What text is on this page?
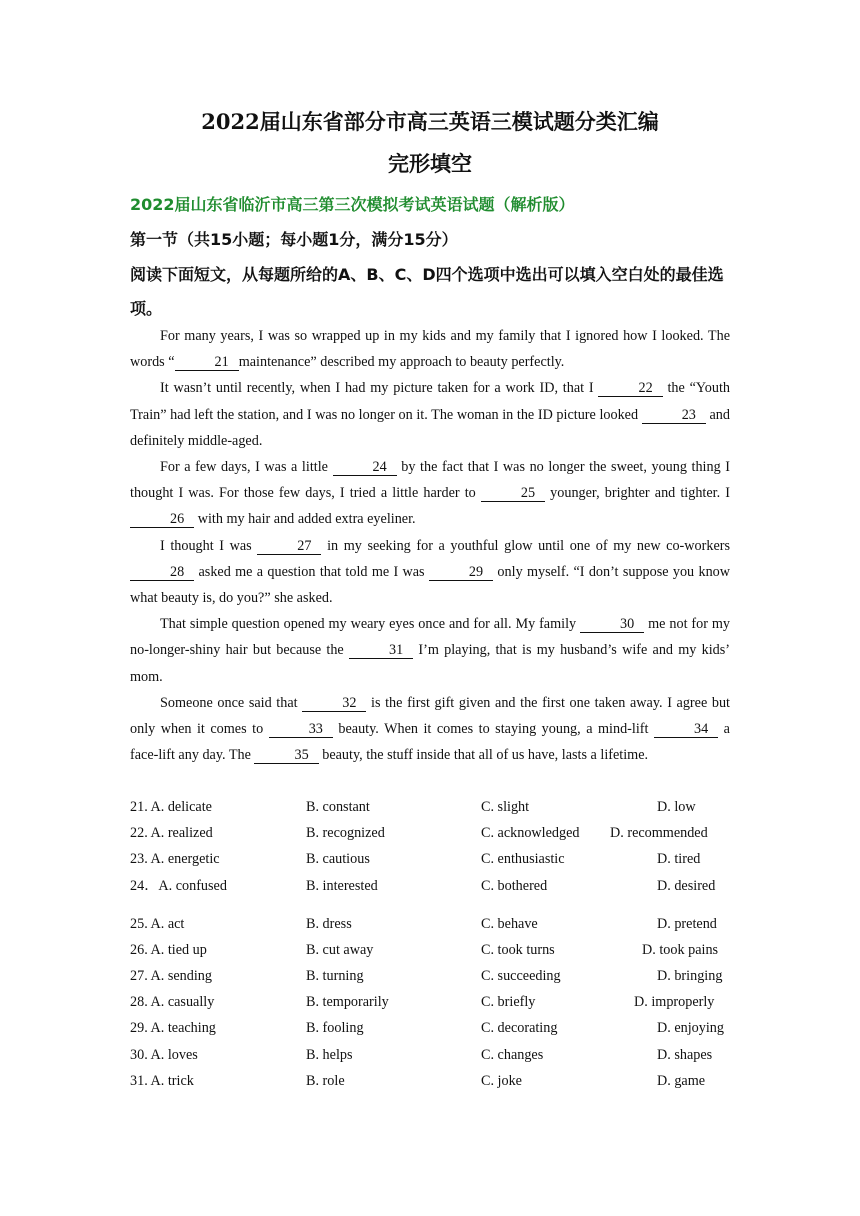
2022届山东省部分市高三英语三模试题分类汇编
完形填空
2022届山东省临沂市高三第三次模拟考试英语试题（解析版）
第一节（共15小题；每小题1分，满分15分）
阅读下面短文，从每题所给的A、B、C、D四个选项中选出可以填入空白处的最佳选项。

For many years, I was so wrapped up in my kids and my family that I ignored how I looked. The words “	21 maintenance” described my approach to beauty perfectly.

It wasn’t until recently, when I had my picture taken for a work ID, that I	22 the “Youth Train” had left the station, and I was no longer on it. The woman in the ID picture looked	23 and definitely middle-aged.

For a few days, I was a little	24 by the fact that I was no longer the sweet, young thing I thought I was. For those few days, I tried a little harder to	25 younger, brighter and tighter. I 26 with my hair and added extra eyeliner.

I thought I was	27 in my seeking for a youthful glow until one of my new co-workers 28 asked me a question that told me I was	29 only myself. “I don’t suppose you know what beauty is, do you?” she asked.

That simple question opened my weary eyes once and for all. My family	30 me not for my no-longer-shiny hair but because the	31 I’m playing, that is my husband’s wife and my kids’ mom.

Someone once said that	32 is the first gift given and the first one taken away. I agree but only when it comes to	33 beauty. When it comes to staying young, a mind-lift	34 a face-lift any day. The	35 beauty, the stuff inside that all of us have, lasts a lifetime.

21. A. delicate	B. constant	C. slight	D. low
22. A. realized	B. recognized	C. acknowledged D. recommended
23. A. energetic	B. cautious	C. enthusiastic	D. tired
24．A. confused	B. interested	C. bothered	D. desired
25. A. act	B. dress	C. behave	D. pretend
26. A. tied up	B. cut away	C. took turns	D. took pains
27. A. sending	B. turning	C. succeeding	D. bringing
28. A. casually	B. temporarily	C. briefly	D. improperly
29. A. teaching	B. fooling	C. decorating	D. enjoying
30. A. loves	B. helps	C. changes	D. shapes
31. A. trick	B. role	C. joke	D. game
